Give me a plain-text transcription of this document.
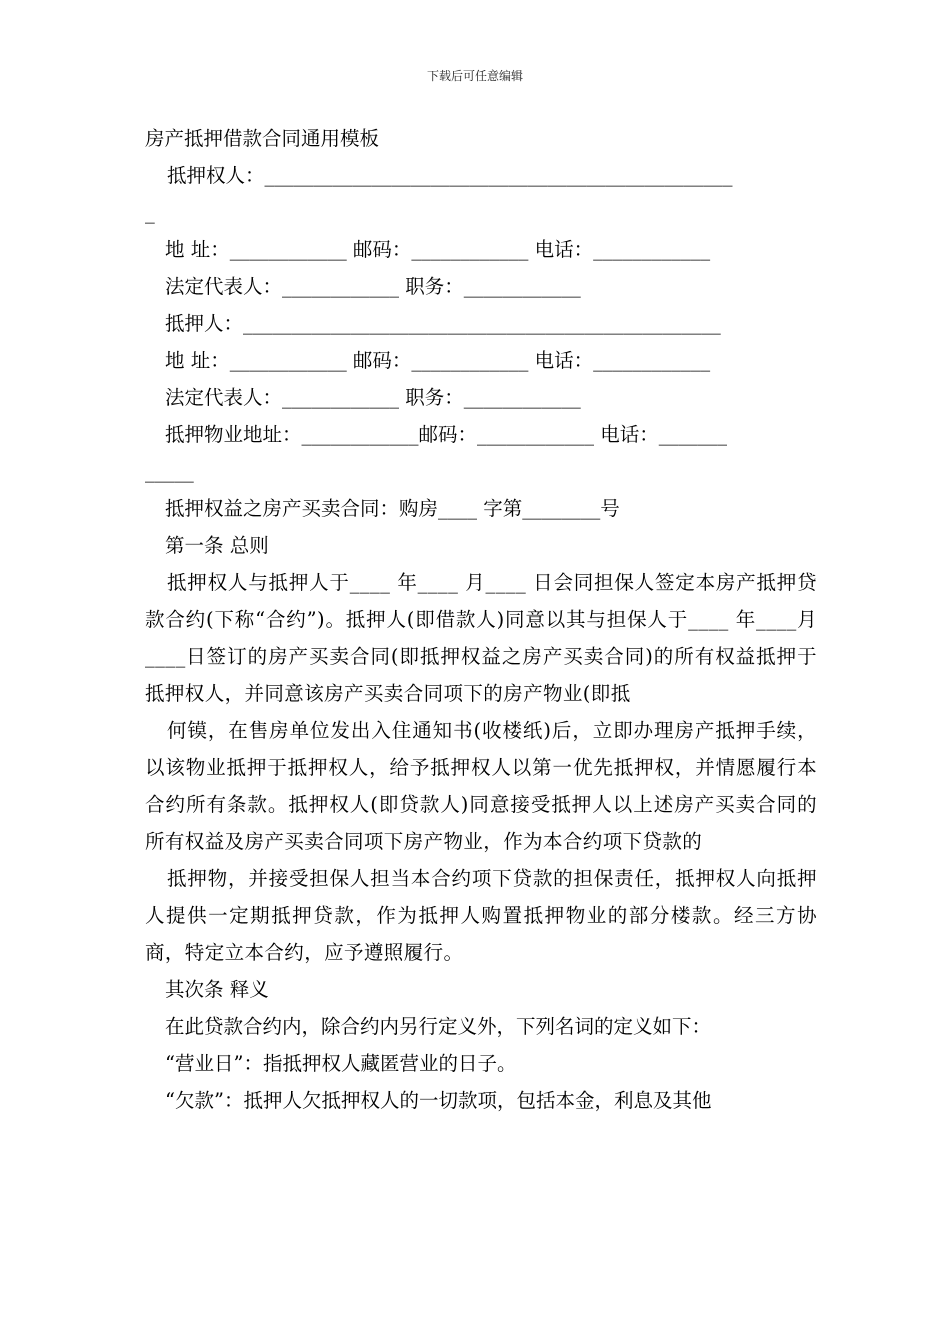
下载后可任意编辑
房产抵押借款合同通用模板
抵押权人：________________________________________________
_
地 址：____________ 邮码：____________ 电话：____________
法定代表人：____________ 职务：____________
抵押人：_________________________________________________
地 址：____________ 邮码：____________ 电话：____________
法定代表人：____________ 职务：____________
抵押物业地址：____________邮码：____________ 电话：_______
_____
抵押权益之房产买卖合同：购房____ 字第________号
第一条 总则
抵押权人与抵押人于____ 年____ 月____ 日会同担保人签定本房产抵押贷款合约(下称“合约”)。抵押人(即借款人)同意以其与担保人于____ 年____月____日签订的房产买卖合同(即抵押权益之房产买卖合同)的所有权益抵押于抵押权人，并同意该房产买卖合同项下的房产物业(即抵
何镆，在售房单位发出入住通知书(收楼纸)后，立即办理房产抵押手续，以该物业抵押于抵押权人，给予抵押权人以第一优先抵押权，并情愿履行本合约所有条款。抵押权人(即贷款人)同意接受抵押人以上述房产买卖合同的所有权益及房产买卖合同项下房产物业，作为本合约项下贷款的
抵押物，并接受担保人担当本合约项下贷款的担保责任，抵押权人向抵押人提供一定期抵押贷款，作为抵押人购置抵押物业的部分楼款。经三方协商，特定立本合约，应予遵照履行。
其次条 释义
在此贷款合约内，除合约内另行定义外，下列名词的定义如下：
“营业日”：指抵押权人藏匿营业的日子。
“欠款”：抵押人欠抵押权人的一切款项，包括本金，利息及其他
